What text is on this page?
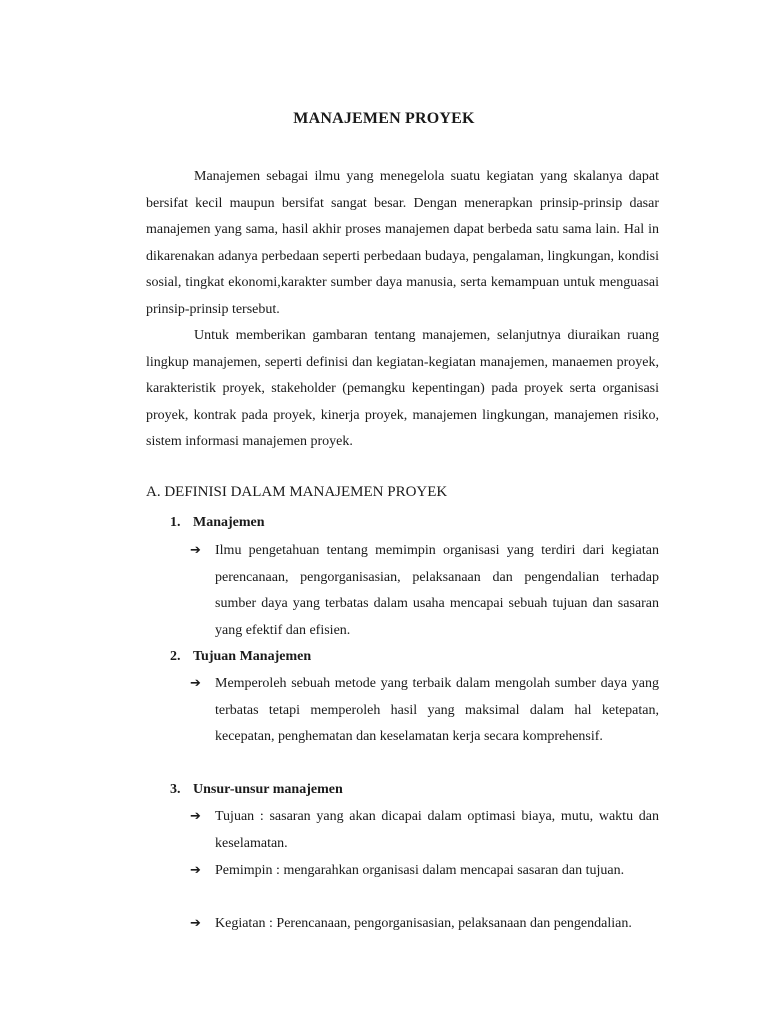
MANAJEMEN PROYEK
Manajemen sebagai ilmu yang menegelola suatu kegiatan yang skalanya dapat bersifat kecil maupun bersifat sangat besar. Dengan menerapkan prinsip-prinsip dasar manajemen yang sama, hasil akhir proses manajemen dapat berbeda satu sama lain. Hal in dikarenakan adanya perbedaan seperti perbedaan budaya, pengalaman, lingkungan, kondisi sosial, tingkat ekonomi,karakter sumber daya manusia, serta kemampuan untuk menguasai prinsip-prinsip tersebut.
Untuk memberikan gambaran tentang manajemen, selanjutnya diuraikan ruang lingkup manajemen, seperti definisi dan kegiatan-kegiatan manajemen, manaemen proyek, karakteristik proyek, stakeholder (pemangku kepentingan) pada proyek serta organisasi proyek, kontrak pada proyek, kinerja proyek, manajemen lingkungan, manajemen risiko, sistem informasi manajemen proyek.
A. DEFINISI DALAM MANAJEMEN PROYEK
1. Manajemen
➔ Ilmu pengetahuan tentang memimpin organisasi yang terdiri dari kegiatan perencanaan, pengorganisasian, pelaksanaan dan pengendalian terhadap sumber daya yang terbatas dalam usaha mencapai sebuah tujuan dan sasaran yang efektif dan efisien.
2. Tujuan Manajemen
➔ Memperoleh sebuah metode yang terbaik dalam mengolah sumber daya yang terbatas tetapi memperoleh hasil yang maksimal dalam hal ketepatan, kecepatan, penghematan dan keselamatan kerja secara komprehensif.
3. Unsur-unsur manajemen
➔ Tujuan : sasaran yang akan dicapai dalam optimasi biaya, mutu, waktu dan keselamatan.
➔ Pemimpin : mengarahkan organisasi dalam mencapai sasaran dan tujuan.
➔ Kegiatan : Perencanaan, pengorganisasian, pelaksanaan dan pengendalian.
